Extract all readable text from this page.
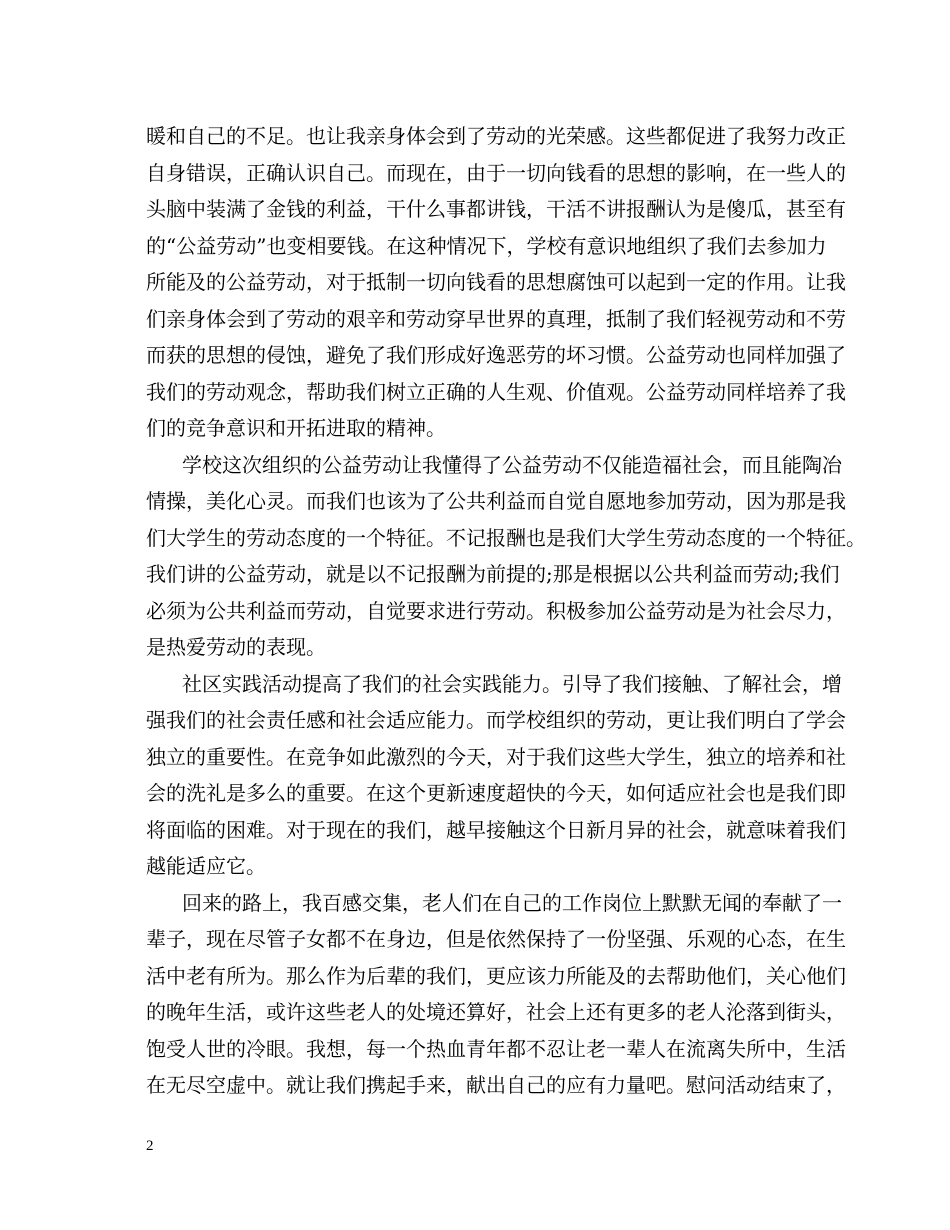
暖和自己的不足。也让我亲身体会到了劳动的光荣感。这些都促进了我努力改正
自身错误，正确认识自己。而现在，由于一切向钱看的思想的影响，在一些人的
头脑中装满了金钱的利益，干什么事都讲钱，干活不讲报酬认为是傻瓜，甚至有
的“公益劳动”也变相要钱。在这种情况下，学校有意识地组织了我们去参加力
所能及的公益劳动，对于抵制一切向钱看的思想腐蚀可以起到一定的作用。让我
们亲身体会到了劳动的艰辛和劳动穿早世界的真理，抵制了我们轻视劳动和不劳
而获的思想的侵蚀，避免了我们形成好逸恶劳的坏习惯。公益劳动也同样加强了
我们的劳动观念，帮助我们树立正确的人生观、价值观。公益劳动同样培养了我
们的竞争意识和开拓进取的精神。
学校这次组织的公益劳动让我懂得了公益劳动不仅能造福社会，而且能陶冶
情操，美化心灵。而我们也该为了公共利益而自觉自愿地参加劳动，因为那是我
们大学生的劳动态度的一个特征。不记报酬也是我们大学生劳动态度的一个特征。
我们讲的公益劳动，就是以不记报酬为前提的;那是根据以公共利益而劳动;我们
必须为公共利益而劳动，自觉要求进行劳动。积极参加公益劳动是为社会尽力，
是热爱劳动的表现。
社区实践活动提高了我们的社会实践能力。引导了我们接触、了解社会，增
强我们的社会责任感和社会适应能力。而学校组织的劳动，更让我们明白了学会
独立的重要性。在竞争如此激烈的今天，对于我们这些大学生，独立的培养和社
会的洗礼是多么的重要。在这个更新速度超快的今天，如何适应社会也是我们即
将面临的困难。对于现在的我们，越早接触这个日新月异的社会，就意味着我们
越能适应它。
回来的路上，我百感交集，老人们在自己的工作岗位上默默无闻的奉献了一
辈子，现在尽管子女都不在身边，但是依然保持了一份坚强、乐观的心态，在生
活中老有所为。那么作为后辈的我们，更应该力所能及的去帮助他们，关心他们
的晚年生活，或许这些老人的处境还算好，社会上还有更多的老人沦落到街头，
饱受人世的冷眼。我想，每一个热血青年都不忍让老一辈人在流离失所中，生活
在无尽空虚中。就让我们携起手来，献出自己的应有力量吧。慰问活动结束了，
2
